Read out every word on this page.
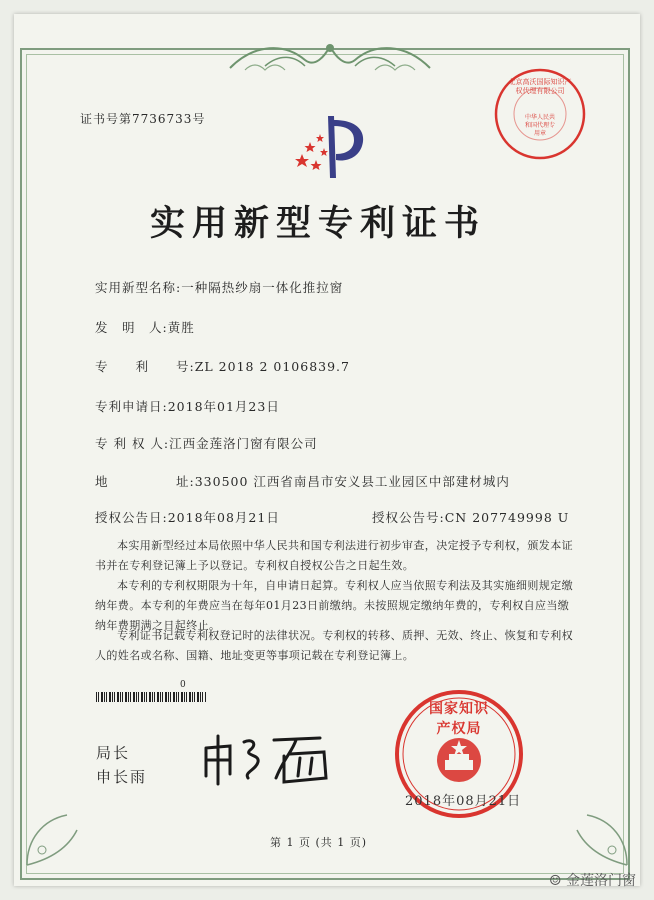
证书号第7736733号
北京高沃国际知识产权代理有限公司
中华人民共和国代理专用章
实用新型专利证书
实用新型名称:一种隔热纱扇一体化推拉窗
发　明　人:黄胜
专　　利　　号:ZL 2018 2 0106839.7
专利申请日:2018年01月23日
专 利 权 人:江西金莲洛门窗有限公司
地　　　　　址:330500 江西省南昌市安义县工业园区中部建材城内
授权公告日:2018年08月21日	授权公告号:CN 207749998 U
本实用新型经过本局依照中华人民共和国专利法进行初步审查，决定授予专利权，颁发本证书并在专利登记簿上予以登记。专利权自授权公告之日起生效。
本专利的专利权期限为十年，自申请日起算。专利权人应当依照专利法及其实施细则规定缴纳年费。本专利的年费应当在每年01月23日前缴纳。未按照规定缴纳年费的，专利权自应当缴纳年费期满之日起终止。
专利证书记载专利权登记时的法律状况。专利权的转移、质押、无效、终止、恢复和专利权人的姓名或名称、国籍、地址变更等事项记载在专利登记簿上。
0
局长
申长雨
国家知识产权局
2018年08月21日
第 1 页 (共 1 页)
☺ 金莲洛门窗
